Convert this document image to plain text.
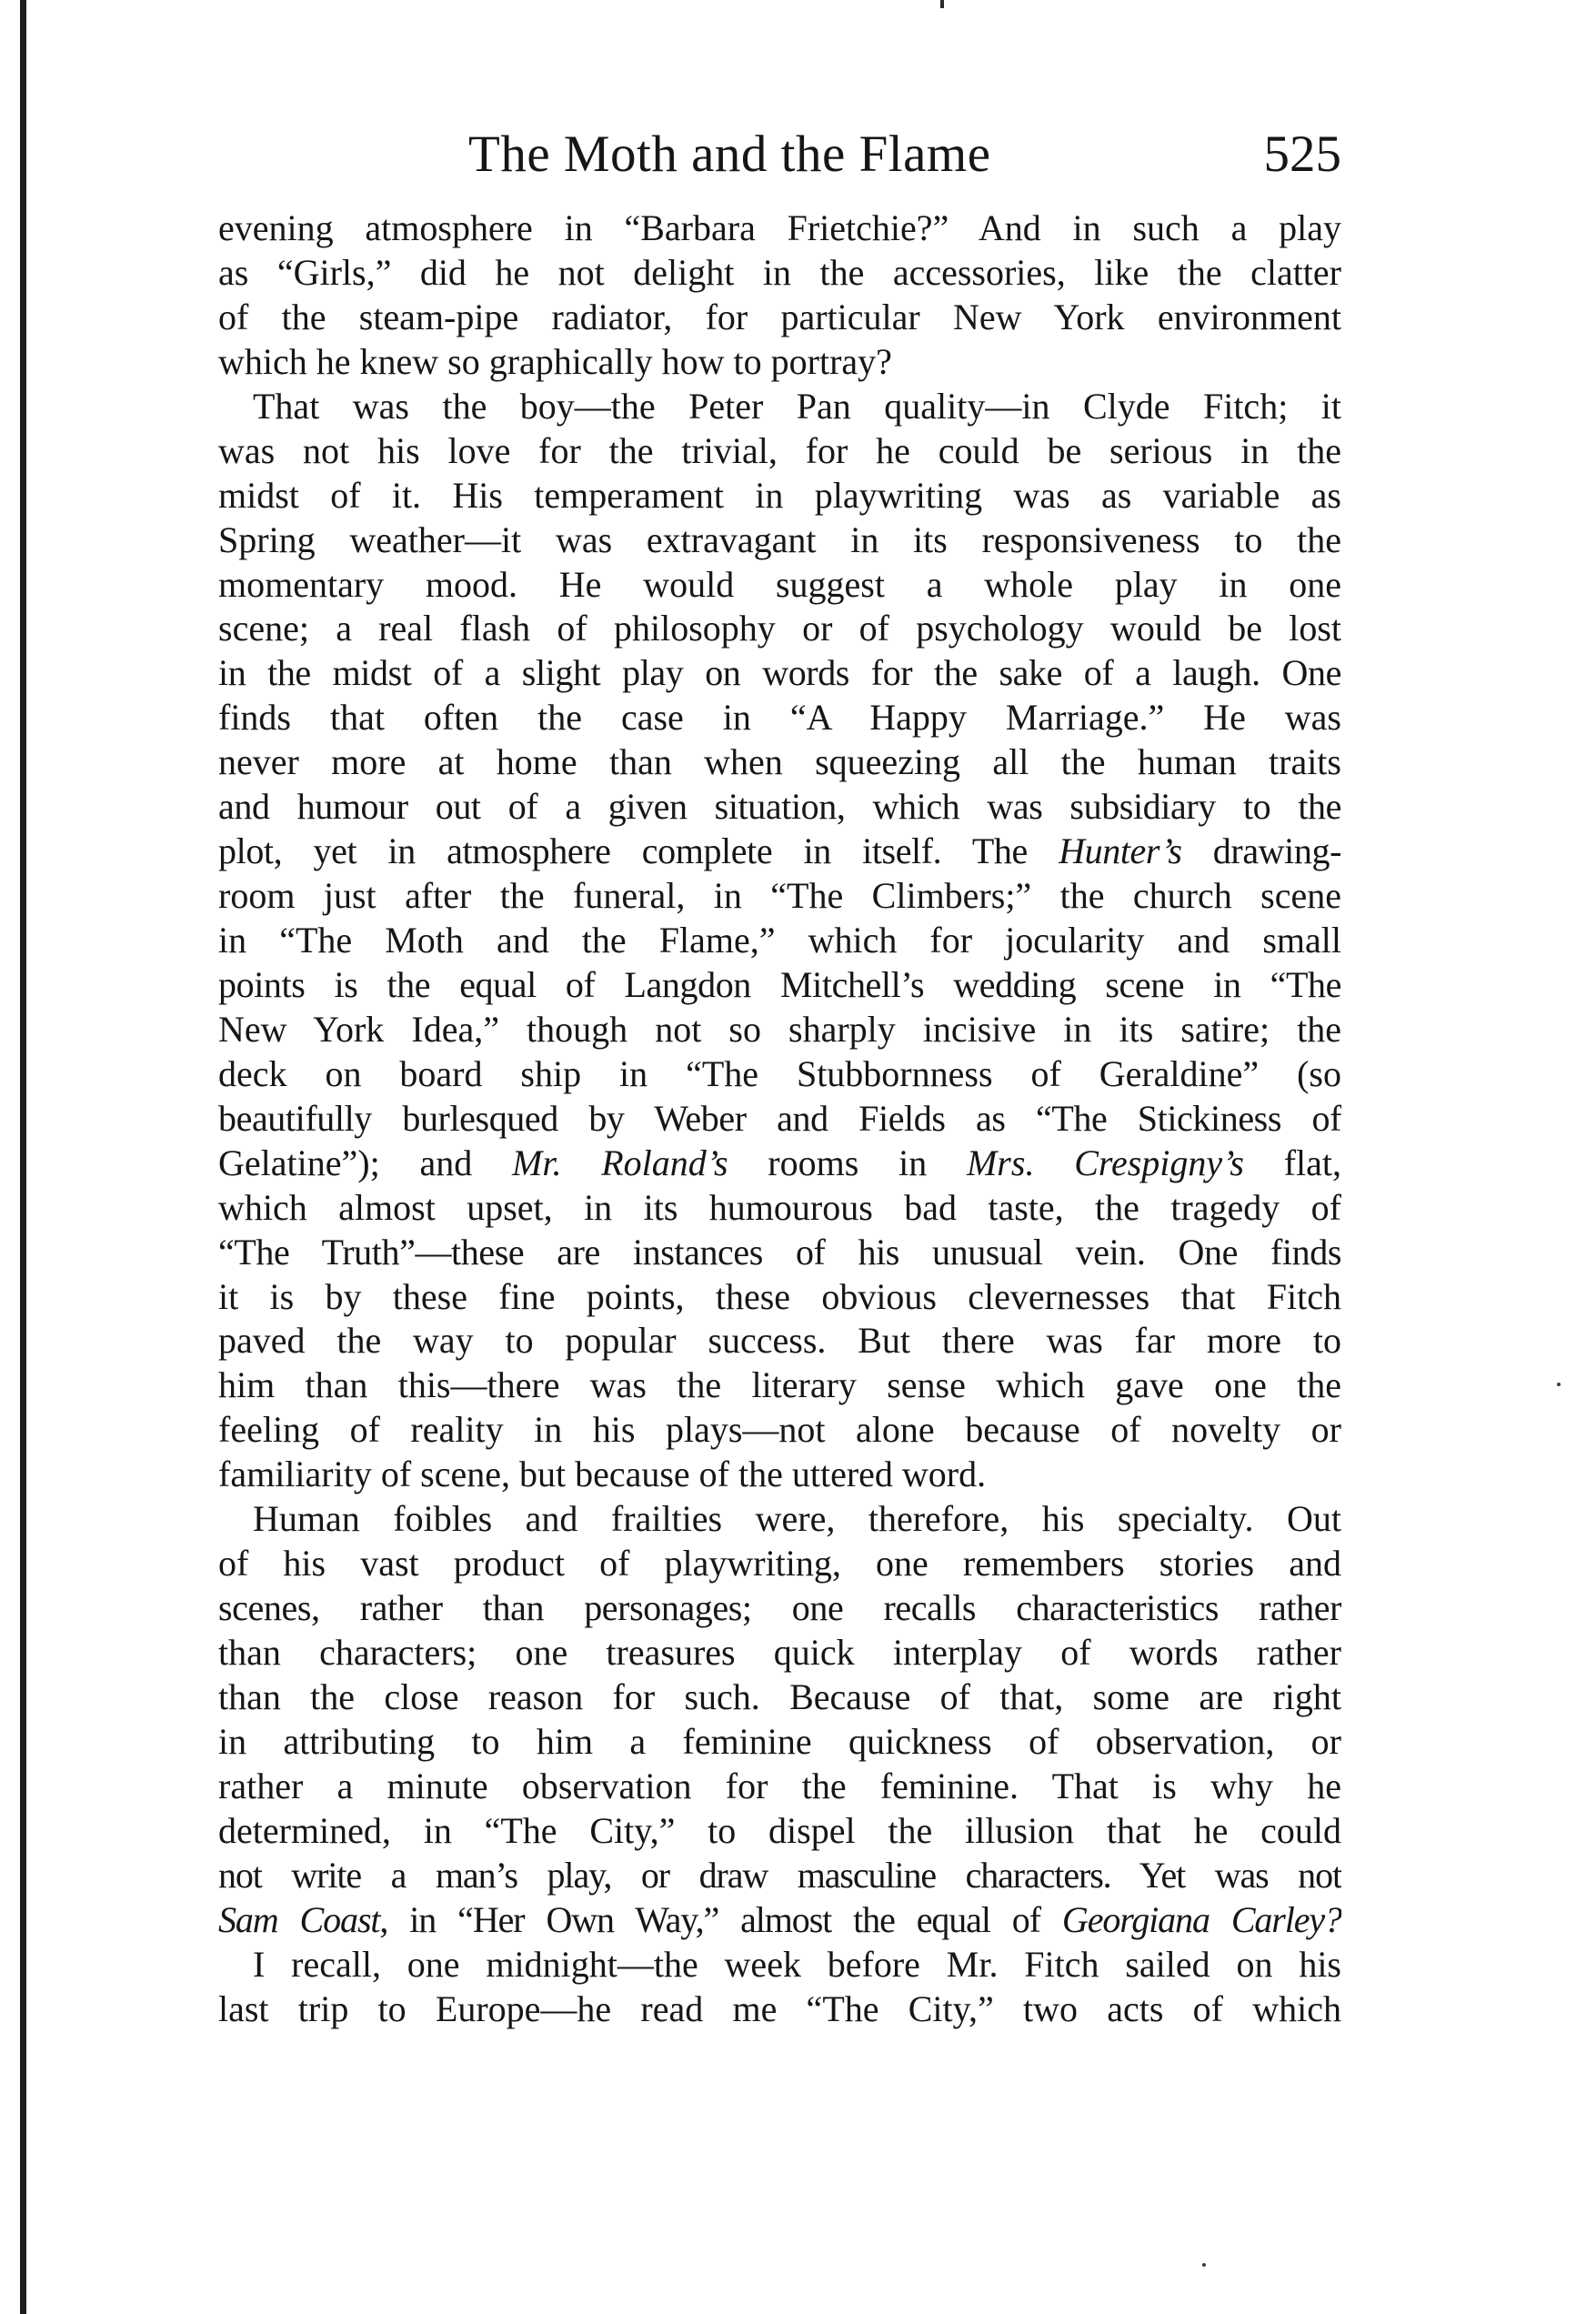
The Moth and the Flame	525
evening atmosphere in “Barbara Frietchie?” And in such a play
as “Girls,” did he not delight in the accessories, like the clatter
of the steam-pipe radiator, for particular New York environment
which he knew so graphically how to portray?
That was the boy—the Peter Pan quality—in Clyde Fitch; it
was not his love for the trivial, for he could be serious in the
midst of it. His temperament in playwriting was as variable as
Spring weather—it was extravagant in its responsiveness to the
momentary mood. He would suggest a whole play in one
scene; a real flash of philosophy or of psychology would be lost
in the midst of a slight play on words for the sake of a laugh. One
finds that often the case in “A Happy Marriage.” He was
never more at home than when squeezing all the human traits
and humour out of a given situation, which was subsidiary to the
plot, yet in atmosphere complete in itself. The Hunter’s drawing-
room just after the funeral, in “The Climbers;” the church scene
in “The Moth and the Flame,” which for jocularity and small
points is the equal of Langdon Mitchell’s wedding scene in “The
New York Idea,” though not so sharply incisive in its satire; the
deck on board ship in “The Stubbornness of Geraldine” (so
beautifully burlesqued by Weber and Fields as “The Stickiness of
Gelatine”); and Mr. Roland’s rooms in Mrs. Crespigny’s flat,
which almost upset, in its humourous bad taste, the tragedy of
“The Truth”—these are instances of his unusual vein. One finds
it is by these fine points, these obvious clevernesses that Fitch
paved the way to popular success. But there was far more to
him than this—there was the literary sense which gave one the
feeling of reality in his plays—not alone because of novelty or
familiarity of scene, but because of the uttered word.
Human foibles and frailties were, therefore, his specialty. Out
of his vast product of playwriting, one remembers stories and
scenes, rather than personages; one recalls characteristics rather
than characters; one treasures quick interplay of words rather
than the close reason for such. Because of that, some are right
in attributing to him a feminine quickness of observation, or
rather a minute observation for the feminine. That is why he
determined, in “The City,” to dispel the illusion that he could
not write a man’s play, or draw masculine characters. Yet was not
Sam Coast, in “Her Own Way,” almost the equal of Georgiana Carley?
I recall, one midnight—the week before Mr. Fitch sailed on his
last trip to Europe—he read me “The City,” two acts of which
